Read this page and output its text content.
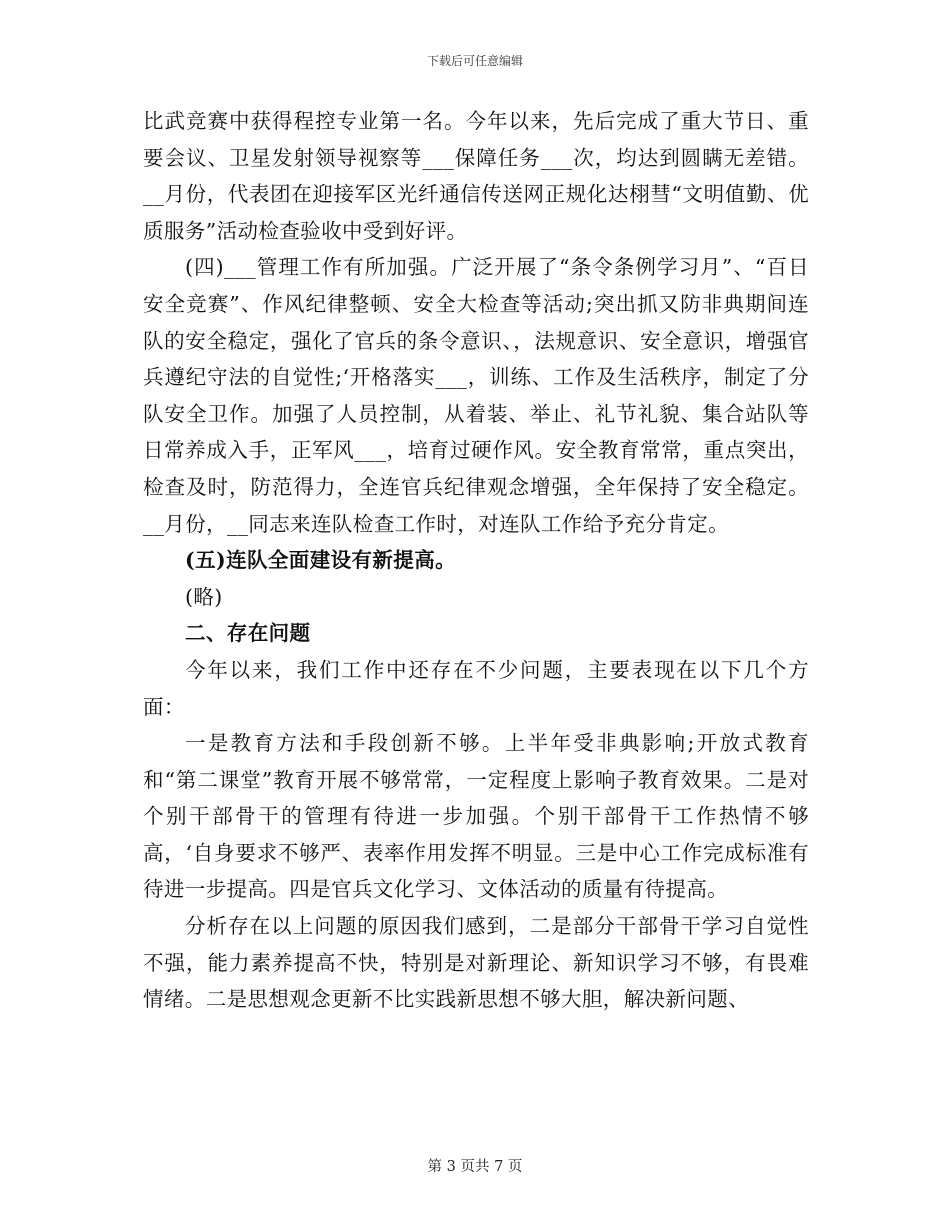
下载后可任意编辑

比武竞赛中获得程控专业第一名。今年以来，先后完成了重大节日、重要会议、卫星发射领导视察等___保障任务___次，均达到圆瞒无差错。__月份，代表团在迎接军区光纤通信传送网正规化达栩彗“文明值勤、优质服务”活动检查验收中受到好评。

(四)___管理工作有所加强。广泛开展了“条令条例学习月”、“百日安全竞赛”、作风纪律整顿、安全大检查等活动;突出抓又防非典期间连队的安全稳定，强化了官兵的条令意识、，法规意识、安全意识，增强官兵遵纪守法的自觉性;‘开格落实___，训练、工作及生活秩序，制定了分队安全卫作。加强了人员控制，从着装、举止、礼节礼貌、集合站队等日常养成入手，正军风___，培育过硬作风。安全教育常常，重点突出，检查及时，防范得力，全连官兵纪律观念增强，全年保持了安全稳定。__月份，__同志来连队检查工作时，对连队工作给予充分肯定。

(五)连队全面建设有新提高。

(略)

二、存在问题

今年以来，我们工作中还存在不少问题，主要表现在以下几个方面：

一是教育方法和手段创新不够。上半年受非典影响;开放式教育和“第二课堂”教育开展不够常常，一定程度上影响子教育效果。二是对个别干部骨干的管理有待进一步加强。个别干部骨干工作热情不够高，‘自身要求不够严、表率作用发挥不明显。三是中心工作完成标准有待进一步提高。四是官兵文化学习、文体活动的质量有待提高。

分析存在以上问题的原因我们感到，二是部分干部骨干学习自觉性不强，能力素养提高不快，特别是对新理论、新知识学习不够，有畏难情绪。二是思想观念更新不比实践新思想不够大胆，解决新问题、

第 3 页共 7 页
